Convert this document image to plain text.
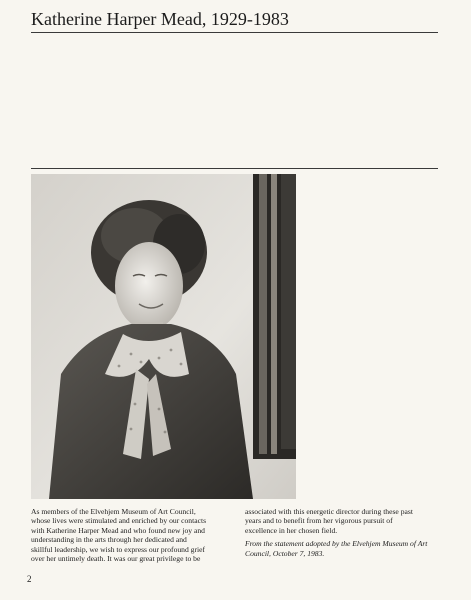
Katherine Harper Mead, 1929-1983

As members of the Elvehjem Museum of Art Council,

whose lives were stimulated and enriched by our contacts

with Katherine Harper Mead and who found new joy and

understanding in the arts through her dedicated and

skillful leadership, we wish to express our profound grief

over her untimely death. It was our great privilege to be

associated with this energetic director during these past

years and to benefit from her vigorous pursuit of

excellence in her chosen field.

From the statement adopted by the Elvehjem Museum of Art

Council, October 7, 1983.

2
